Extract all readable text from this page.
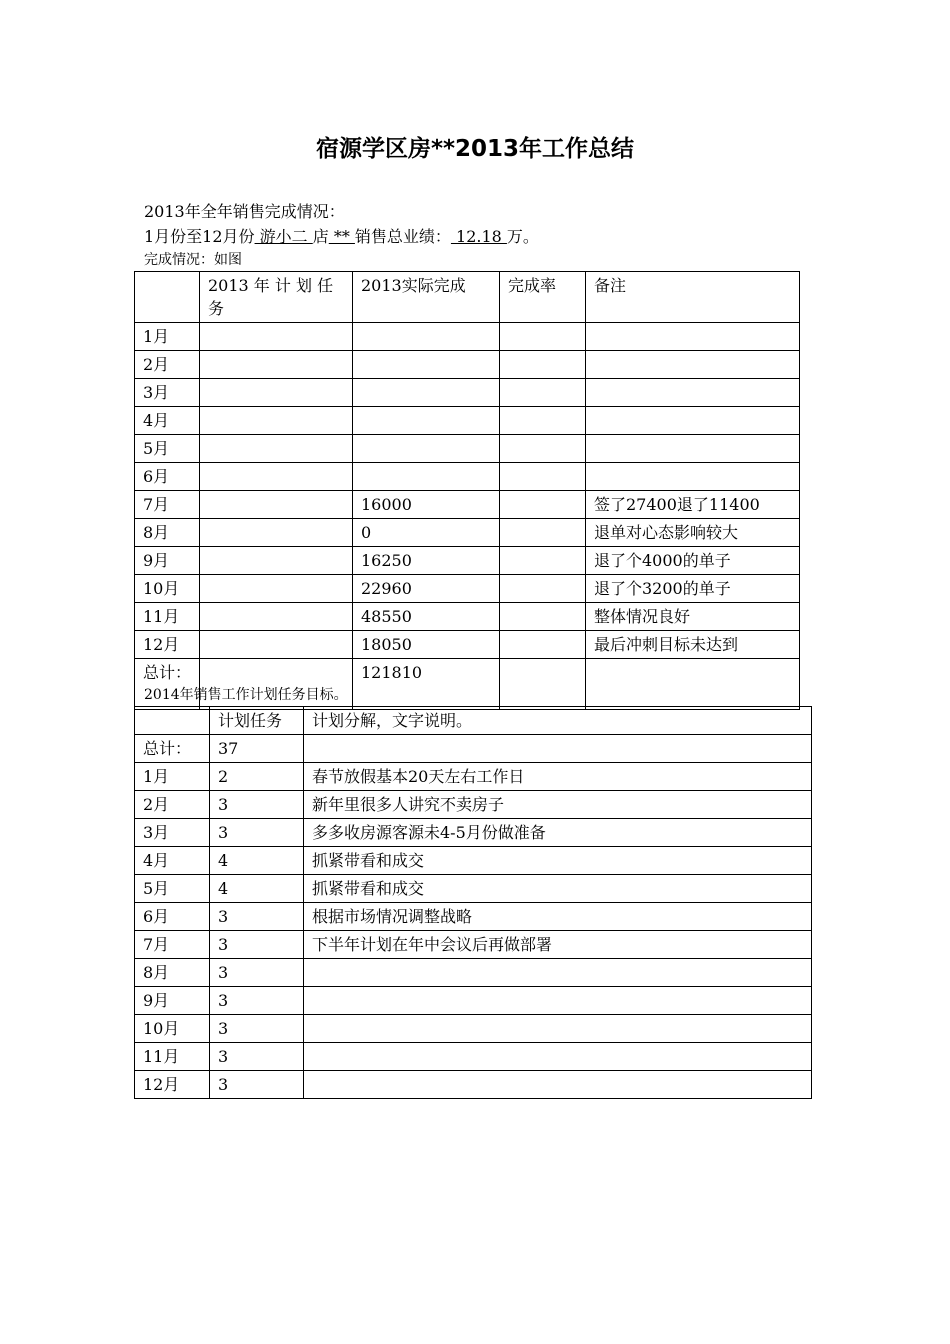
宿源学区房**2013年工作总结
2013年全年销售完成情况：
1月份至12月份 游小二 店 ** 销售总业绩： 12.18 万。
完成情况：如图
	2013 年 计 划 任务	2013实际完成	完成率	备注
1月				
2月				
3月				
4月				
5月				
6月				
7月		16000		签了27400退了11400
8月		0		退单对心态影响较大
9月		16250		退了个4000的单子
10月		22960		退了个3200的单子
11月		48550		整体情况良好
12月		18050		最后冲刺目标未达到
总计：		121810		
2014年销售工作计划任务目标。
	计划任务	计划分解，文字说明。
总计：	37	
1月	2	春节放假基本20天左右工作日
2月	3	新年里很多人讲究不卖房子
3月	3	多多收房源客源未4-5月份做准备
4月	4	抓紧带看和成交
5月	4	抓紧带看和成交
6月	3	根据市场情况调整战略
7月	3	下半年计划在年中会议后再做部署
8月	3	
9月	3	
10月	3	
11月	3	
12月	3	
